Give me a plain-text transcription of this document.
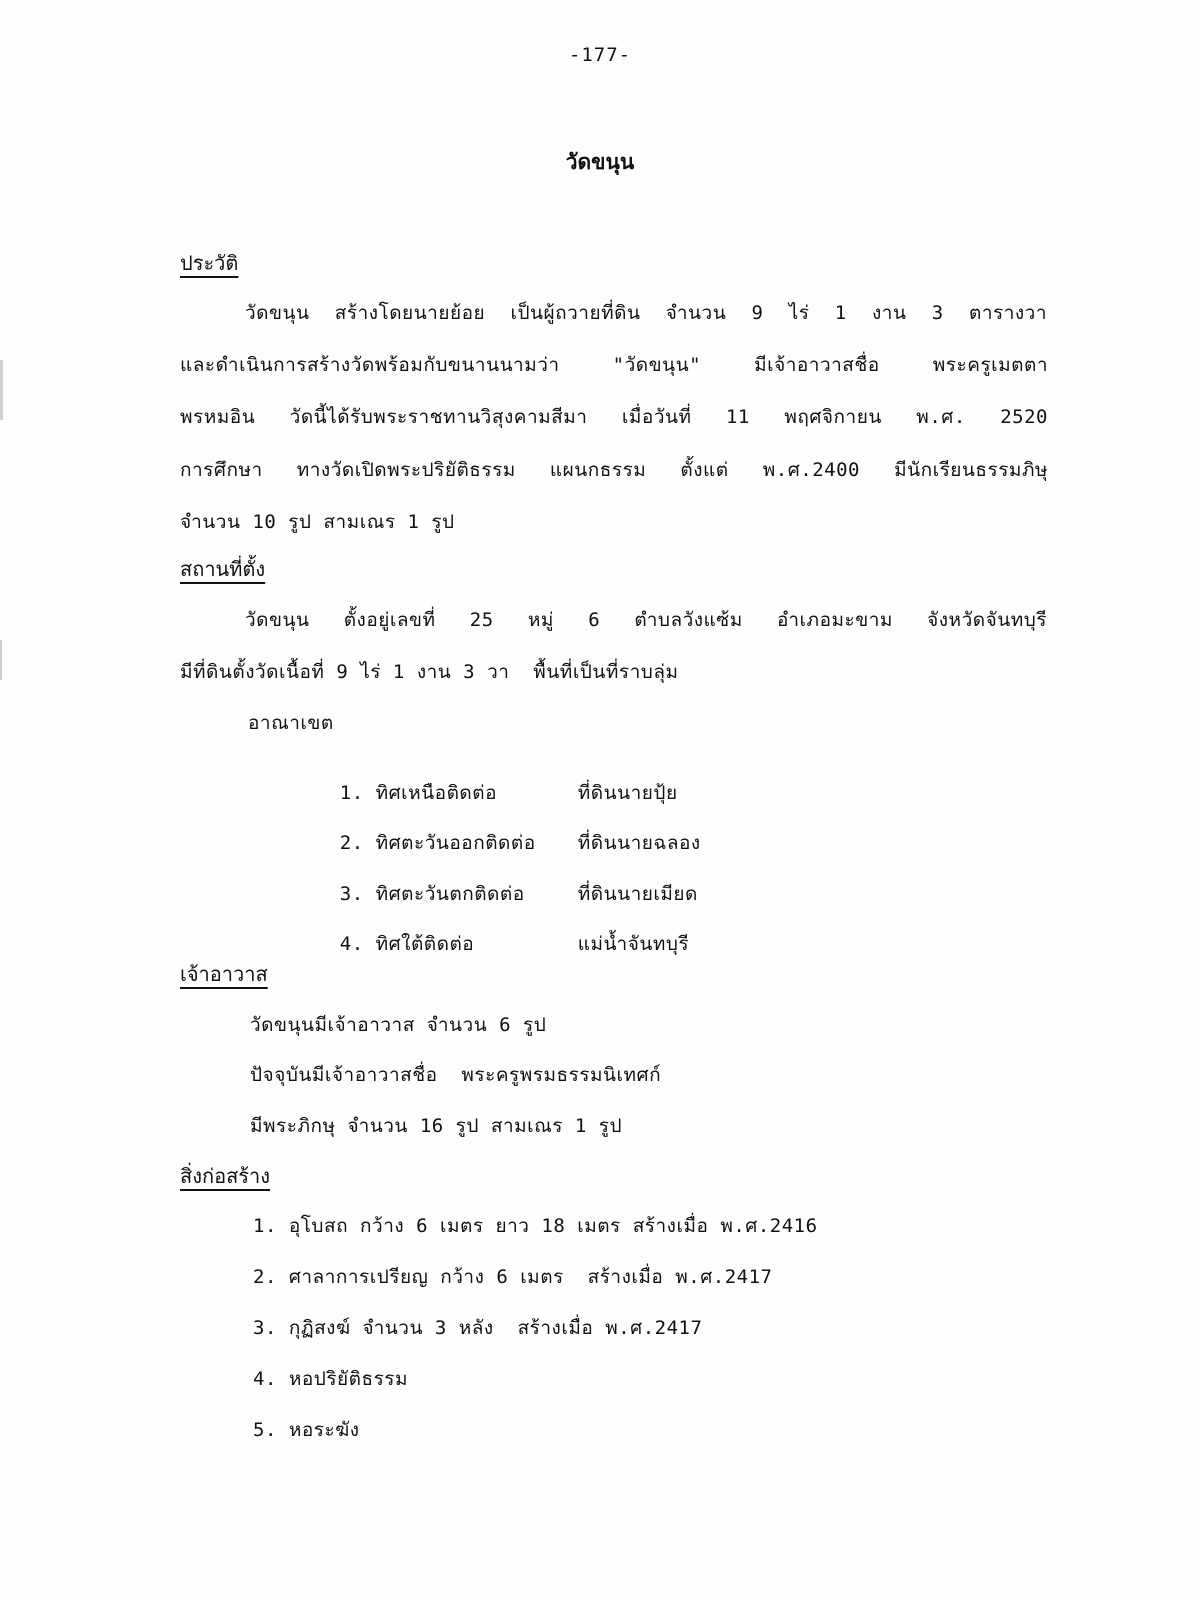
-177-
วัดขนุน
ประวัติ
วัดขนุน สร้างโดยนายย้อย เป็นผู้ถวายที่ดิน จำนวน 9 ไร่ 1 งาน 3 ตารางวา
และดำเนินการสร้างวัดพร้อมกับขนานนามว่า "วัดขนุน" มีเจ้าอาวาสชื่อ พระครูเมตตา
พรหมอิน วัดนี้ได้รับพระราชทานวิสุงคามสีมา เมื่อวันที่ 11 พฤศจิกายน พ.ศ. 2520
การศึกษา ทางวัดเปิดพระปริยัติธรรม แผนกธรรม ตั้งแต่ พ.ศ.2400 มีนักเรียนธรรมภิษุ
จำนวน 10 รูป สามเณร 1 รูป
สถานที่ตั้ง
วัดขนุน ตั้งอยู่เลขที่ 25 หมู่ 6 ตำบลวังแซ้ม อำเภอมะขาม จังหวัดจันทบุรี
มีที่ดินตั้งวัดเนื้อที่ 9 ไร่ 1 งาน 3 วา  พื้นที่เป็นที่ราบลุ่ม
อาณาเขต

1. ทิศเหนือติดต่อ	ที่ดินนายปุ้ย

2. ทิศตะวันออกติดต่อ ที่ดินนายฉลอง

3. ทิศตะวันตกติดต่อ	ที่ดินนายเมียด

4. ทิศใต้ติดต่อ	แม่น้ำจันทบุรี

เจ้าอาวาส
วัดขนุนมีเจ้าอาวาส จำนวน 6 รูป
ปัจจุบันมีเจ้าอาวาสชื่อ  พระครูพรมธรรมนิเทศก์
มีพระภิกษุ จำนวน 16 รูป สามเณร 1 รูป
สิ่งก่อสร้าง
1. อุโบสถ กว้าง 6 เมตร ยาว 18 เมตร สร้างเมื่อ พ.ศ.2416
2. ศาลาการเปรียญ กว้าง 6 เมตร  สร้างเมื่อ พ.ศ.2417
3. กุฏิสงฆ์ จำนวน 3 หลัง  สร้างเมื่อ พ.ศ.2417
4. หอปริยัติธรรม
5. หอระฆัง
